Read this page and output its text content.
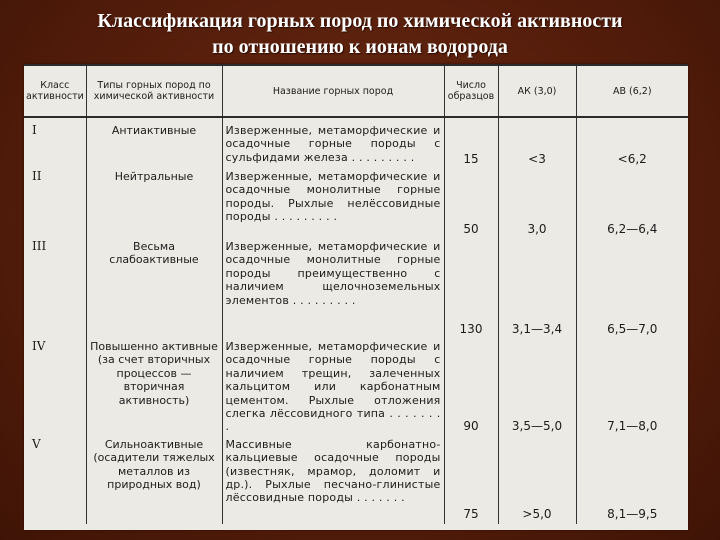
Классификация горных пород по химической активности
по отношению к ионам водорода
Класс активности	Типы горных пород по химической активности	Название горных пород	Число образцов	АК (3,0)	АВ (6,2)
I	Антиактивные	Изверженные, метаморфические и осадочные горные породы с сульфидами железа . . . . . . . . .	15	<3	<6,2
II	Нейтральные	Изверженные, метаморфические и осадочные монолитные горные породы. Рыхлые нелёссовидные породы . . . . . . . . .	50	3,0	6,2—6,4
III	Весьма слабоактивные	Изверженные, метаморфические и осадочные монолитные горные породы преимущественно с наличием щелочноземельных элементов . . . . . . . . .	130	3,1—3,4	6,5—7,0
IV	Повышенно активные (за счет вторичных процессов — вторичная активность)	Изверженные, метаморфические и осадочные горные породы с наличием трещин, залеченных кальцитом или карбонатным цементом. Рыхлые отложения слегка лёссовидного типа . . . . . . . .	90	3,5—5,0	7,1—8,0
V	Сильноактивные (осадители тяжелых металлов из природных вод)	Массивные карбонатно-кальциевые осадочные породы (известняк, мрамор, доломит и др.). Рыхлые песчано-глинистые лёссовидные породы . . . . . . .	75	>5,0	8,1—9,5
